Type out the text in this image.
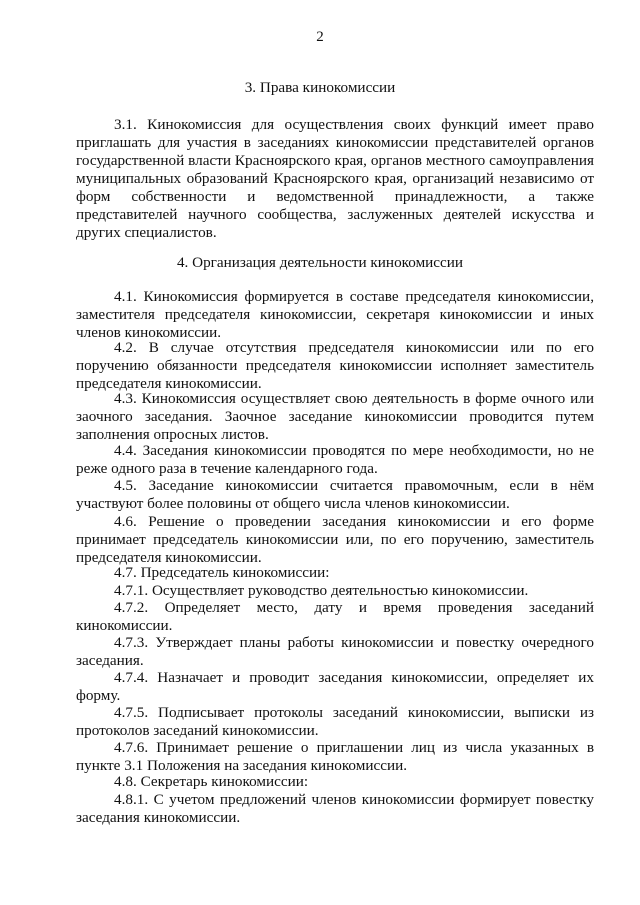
2
3. Права кинокомиссии

3.1. Кинокомиссия для осуществления своих функций имеет право приглашать для участия в заседаниях кинокомиссии представителей органов государственной власти Красноярского края, органов местного самоуправления муниципальных образований Красноярского края, организаций независимо от форм собственности и ведомственной принадлежности, а также представителей научного сообщества, заслуженных деятелей искусства и других специалистов.

4. Организация деятельности кинокомиссии

4.1. Кинокомиссия формируется в составе председателя кинокомиссии, заместителя председателя кинокомиссии, секретаря кинокомиссии и иных членов кинокомиссии.

4.2. В случае отсутствия председателя кинокомиссии или по его поручению обязанности председателя кинокомиссии исполняет заместитель председателя кинокомиссии.

4.3. Кинокомиссия осуществляет свою деятельность в форме очного или заочного заседания. Заочное заседание кинокомиссии проводится путем заполнения опросных листов.

4.4. Заседания кинокомиссии проводятся по мере необходимости, но не реже одного раза в течение календарного года.

4.5. Заседание кинокомиссии считается правомочным, если в нём участвуют более половины от общего числа членов кинокомиссии.

4.6. Решение о проведении заседания кинокомиссии и его форме принимает председатель кинокомиссии или, по его поручению, заместитель председателя кинокомиссии.

4.7. Председатель кинокомиссии:

4.7.1. Осуществляет руководство деятельностью кинокомиссии.

4.7.2. Определяет место, дату и время проведения заседаний кинокомиссии.

4.7.3. Утверждает планы работы кинокомиссии и повестку очередного заседания.

4.7.4. Назначает и проводит заседания кинокомиссии, определяет их форму.

4.7.5. Подписывает протоколы заседаний кинокомиссии, выписки из протоколов заседаний кинокомиссии.

4.7.6. Принимает решение о приглашении лиц из числа указанных в пункте 3.1 Положения на заседания кинокомиссии.

4.8. Секретарь кинокомиссии:

4.8.1. С учетом предложений членов кинокомиссии формирует повестку заседания кинокомиссии.
